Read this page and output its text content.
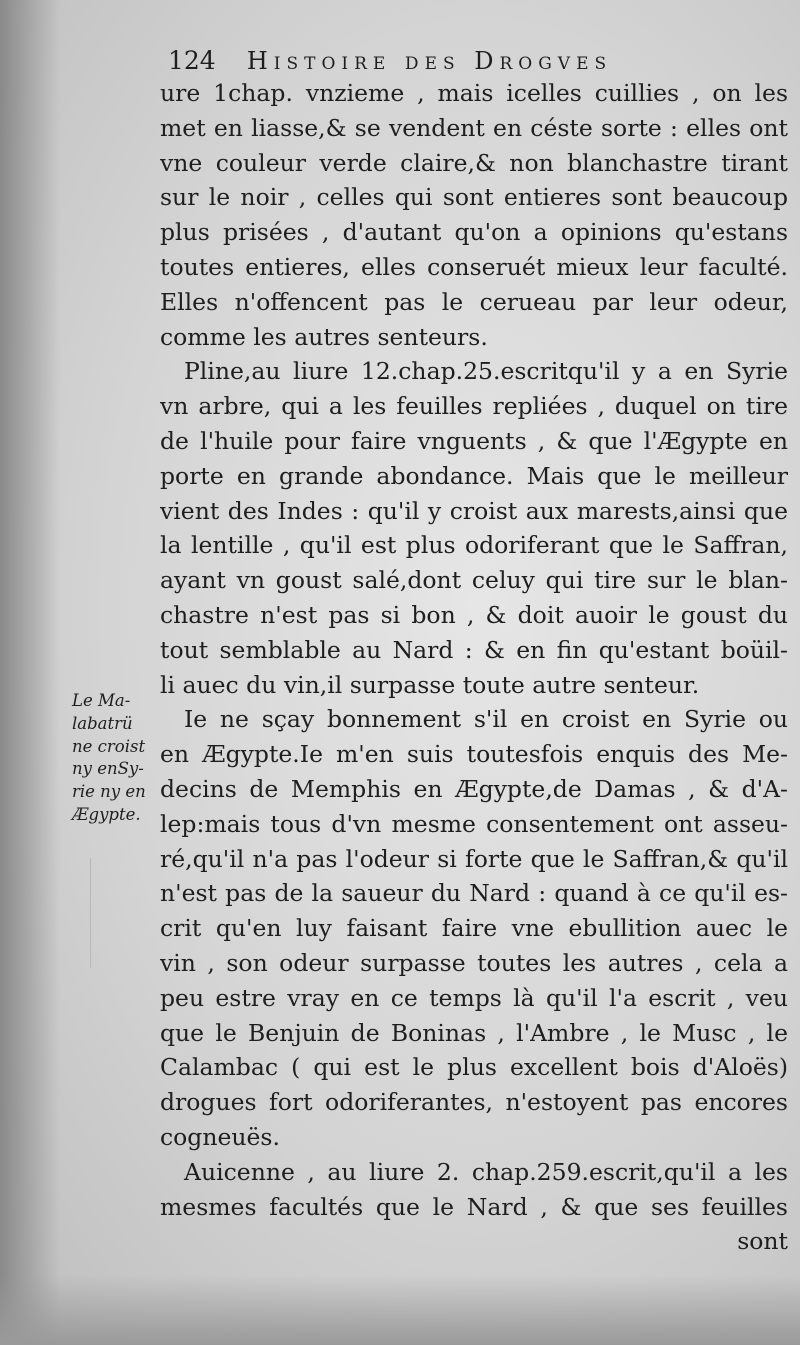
124 Histoire des Drogves
Le Ma-
labatrü
ne croist
ny enSy-
rie ny en
Ægypte.
ure 1chap. vnzieme , mais icelles cuillies , on les
met en liasse,& se vendent en céste sorte : elles ont
vne couleur verde claire,& non blanchastre tirant
sur le noir , celles qui sont entieres sont beaucoup
plus prisées , d'autant qu'on a opinions qu'estans
toutes entieres, elles conseruét mieux leur faculté.
Elles n'offencent pas le cerueau par leur odeur,
comme les autres senteurs.
Pline,au liure 12.chap.25.escritqu'il y a en Syrie
vn arbre, qui a les feuilles repliées , duquel on tire
de l'huile pour faire vnguents , & que l'Ægypte en
porte en grande abondance. Mais que le meilleur
vient des Indes : qu'il y croist aux marests,ainsi que
la lentille , qu'il est plus odoriferant que le Saffran,
ayant vn goust salé,dont celuy qui tire sur le blan-
chastre n'est pas si bon , & doit auoir le goust du
tout semblable au Nard : & en fin qu'estant boüil-
li auec du vin,il surpasse toute autre senteur.
Ie ne sçay bonnement s'il en croist en Syrie ou
en Ægypte.Ie m'en suis toutesfois enquis des Me-
decins de Memphis en Ægypte,de Damas , & d'A-
lep:mais tous d'vn mesme consentement ont asseu-
ré,qu'il n'a pas l'odeur si forte que le Saffran,& qu'il
n'est pas de la saueur du Nard : quand à ce qu'il es-
crit qu'en luy faisant faire vne ebullition auec le
vin , son odeur surpasse toutes les autres , cela a
peu estre vray en ce temps là qu'il l'a escrit , veu
que le Benjuin de Boninas , l'Ambre , le Musc , le
Calambac ( qui est le plus excellent bois d'Aloës)
drogues fort odoriferantes, n'estoyent pas encores
cogneuës.
Auicenne , au liure 2. chap.259.escrit,qu'il a les
mesmes facultés que le Nard , & que ses feuilles
sont
